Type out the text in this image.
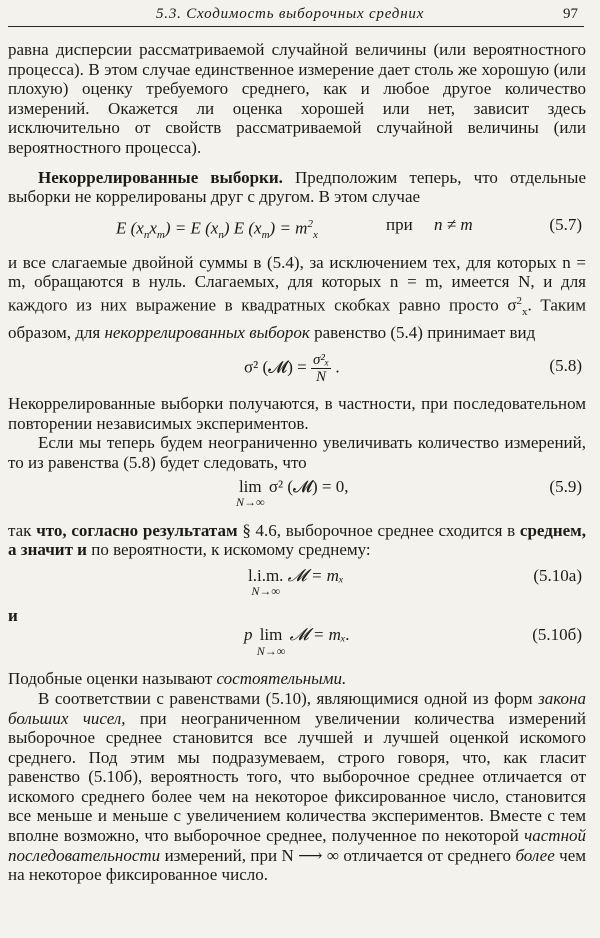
5.3. Сходимость выборочных средних	97

равна дисперсии рассматриваемой случайной величины (или вероятностного процесса). В этом случае единственное измерение дает столь же хорошую (или плохую) оценку требуемого среднего, как и любое другое количество измерений. Окажется ли оценка хорошей или нет, зависит здесь исключительно от свойств рассматриваемой случайной величины (или вероятностного процесса).

Некоррелированные выборки. Предположим теперь, что отдельные выборки не коррелированы друг с другом. В этом случае

E $(x_nx_m) = E$ $(x_n)$ E $(x_m) = m^2_x$
при n ≠ m	(5.7)

и все слагаемые двойной суммы в (5.4), за исключением тех, для которых n = m, обращаются в нуль. Слагаемых, для которых n = m, имеется N, и для каждого из них выражение в квадратных скобках равно просто $\sigma^2_x$. Таким образом, для некоррелированных выборок равенство (5.4) принимает вид

σ² (𝓜) = $\frac{\text{σ²ₓ}}{N}$ .	(5.8)

Некоррелированные выборки получаются, в частности, при последовательном повторении независимых экспериментов.

Если мы теперь будем неограниченно увеличивать количество измерений, то из равенства (5.8) будет следовать, что

lim
N→∞
σ² (𝓜) = 0,	(5.9)

так что, согласно результатам § 4.6, выборочное среднее сходится в среднем, а значит и по вероятности, к искомому среднему:

l.i.m.
N→∞
𝓜 = mₓ	(5.10a)

и

p lim
N→∞
𝓜 = mₓ.	(5.10б)

Подобные оценки называют состоятельными.

В соответствии с равенствами (5.10), являющимися одной из форм закона больших чисел, при неограниченном увеличении количества измерений выборочное среднее становится все лучшей и лучшей оценкой искомого среднего. Под этим мы подразумеваем, строго говоря, что, как гласит равенство (5.10б), вероятность того, что выборочное среднее отличается от искомого среднего более чем на некоторое фиксированное число, становится все меньше и меньше с увеличением количества экспериментов. Вместе с тем вполне возможно, что выборочное среднее, полученное по некоторой частной последовательности измерений, при N ⟶ ∞ отличается от среднего более чем на некоторое фиксированное число.
